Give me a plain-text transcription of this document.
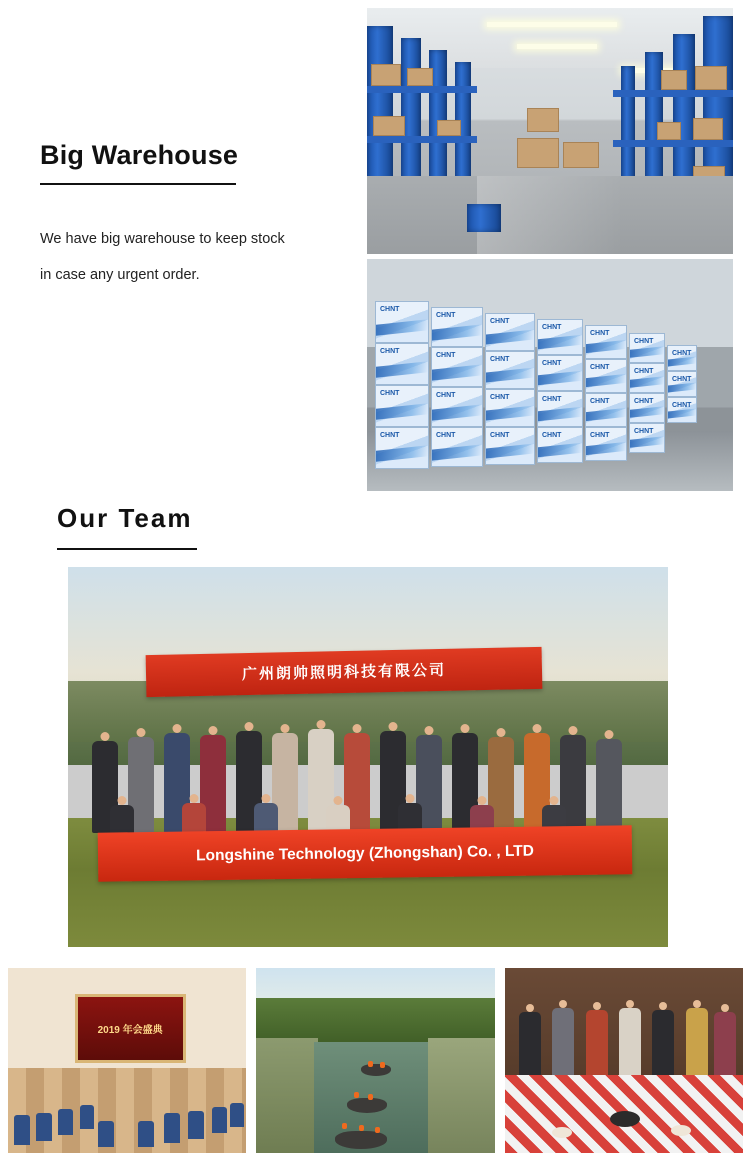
Big Warehouse
We have big warehouse to keep stock
in case any urgent order.
CHNT
CHNT
CHNT
CHNT
CHNT
CHNT
CHNT
CHNT
CHNT
CHNT
CHNT
CHNT
CHNT
CHNT
CHNT
CHNT
CHNT
CHNT
CHNT
CHNT
CHNT
CHNT
CHNT
CHNT
CHNT
CHNT
CHNT
Our Team
广州朗帅照明科技有限公司
Longshine Technology (Zhongshan) Co. , LTD
2019 年会盛典
